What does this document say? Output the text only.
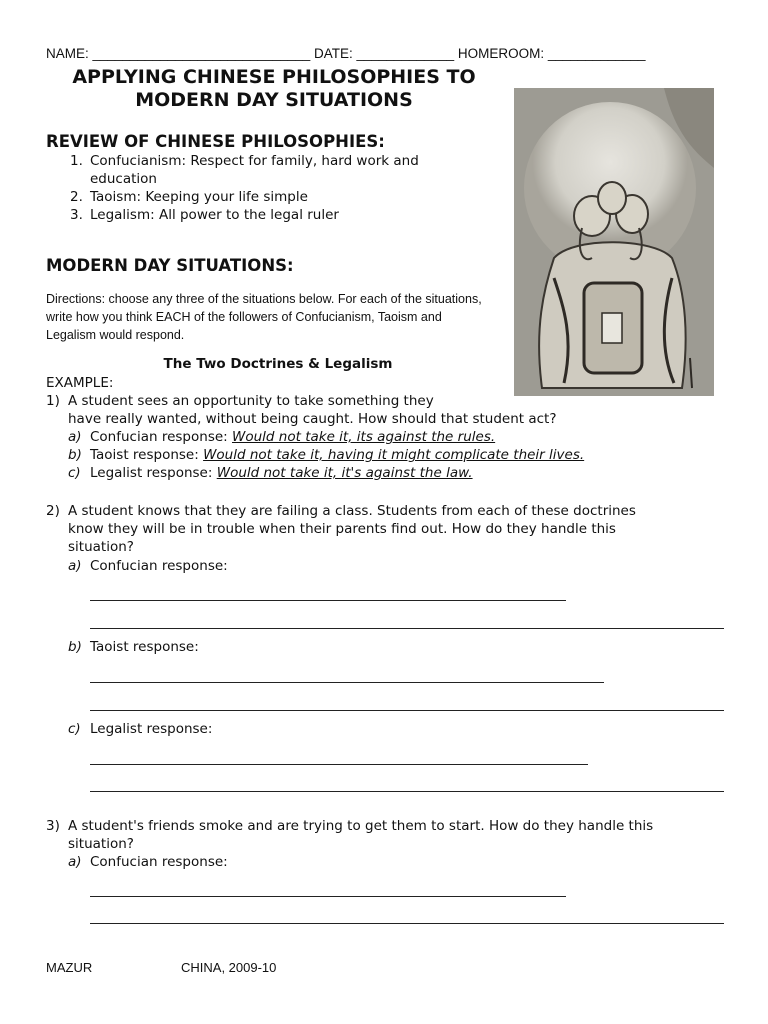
NAME: _____________________________ DATE: _____________ HOMEROOM: _____________
APPLYING CHINESE PHILOSOPHIES TO
MODERN DAY SITUATIONS
REVIEW OF CHINESE PHILOSOPHIES:
1. Confucianism: Respect for family, hard work and
education
2. Taoism: Keeping your life simple
3. Legalism: All power to the legal ruler
MODERN DAY SITUATIONS:
Directions: choose any three of the situations below. For each of the situations, write how you think EACH of the followers of Confucianism, Taoism and Legalism would respond.
The Two Doctrines & Legalism
EXAMPLE:
1) A student sees an opportunity to take something they
have really wanted, without being caught. How should that student act?
a) Confucian response: Would not take it, its against the rules.
b) Taoist response: Would not take it, having it might complicate their lives.
c) Legalist response: Would not take it, it's against the law.
2) A student knows that they are failing a class. Students from each of these doctrines
know they will be in trouble when their parents find out. How do they handle this
situation?
a) Confucian response:
b) Taoist response:
c) Legalist response:
3) A student's friends smoke and are trying to get them to start. How do they handle this
situation?
a) Confucian response:
MAZUR	CHINA, 2009-10
